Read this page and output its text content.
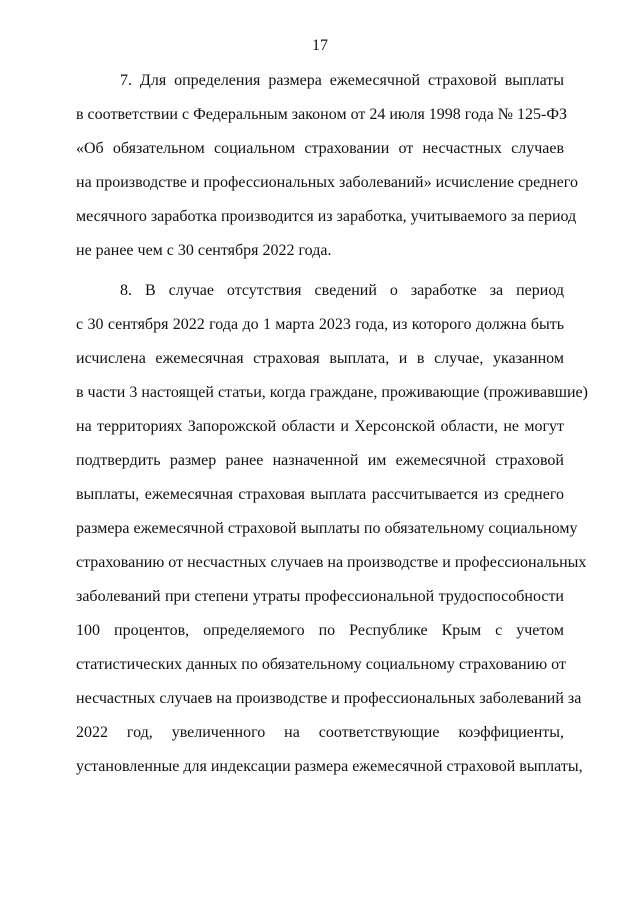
17
7. Для определения размера ежемесячной страховой выплаты
в соответствии с Федеральным законом от 24 июля 1998 года № 125-ФЗ
«Об обязательном социальном страховании от несчастных случаев
на производстве и профессиональных заболеваний» исчисление среднего
месячного заработка производится из заработка, учитываемого за период
не ранее чем с 30 сентября 2022 года.
8. В случае отсутствия сведений о заработке за период
с 30 сентября 2022 года до 1 марта 2023 года, из которого должна быть
исчислена ежемесячная страховая выплата, и в случае, указанном
в части 3 настоящей статьи, когда граждане, проживающие (проживавшие)
на территориях Запорожской области и Херсонской области, не могут
подтвердить размер ранее назначенной им ежемесячной страховой
выплаты, ежемесячная страховая выплата рассчитывается из среднего
размера ежемесячной страховой выплаты по обязательному социальному
страхованию от несчастных случаев на производстве и профессиональных
заболеваний при степени утраты профессиональной трудоспособности
100 процентов, определяемого по Республике Крым с учетом
статистических данных по обязательному социальному страхованию от
несчастных случаев на производстве и профессиональных заболеваний за
2022 год, увеличенного на соответствующие коэффициенты,
установленные для индексации размера ежемесячной страховой выплаты,
